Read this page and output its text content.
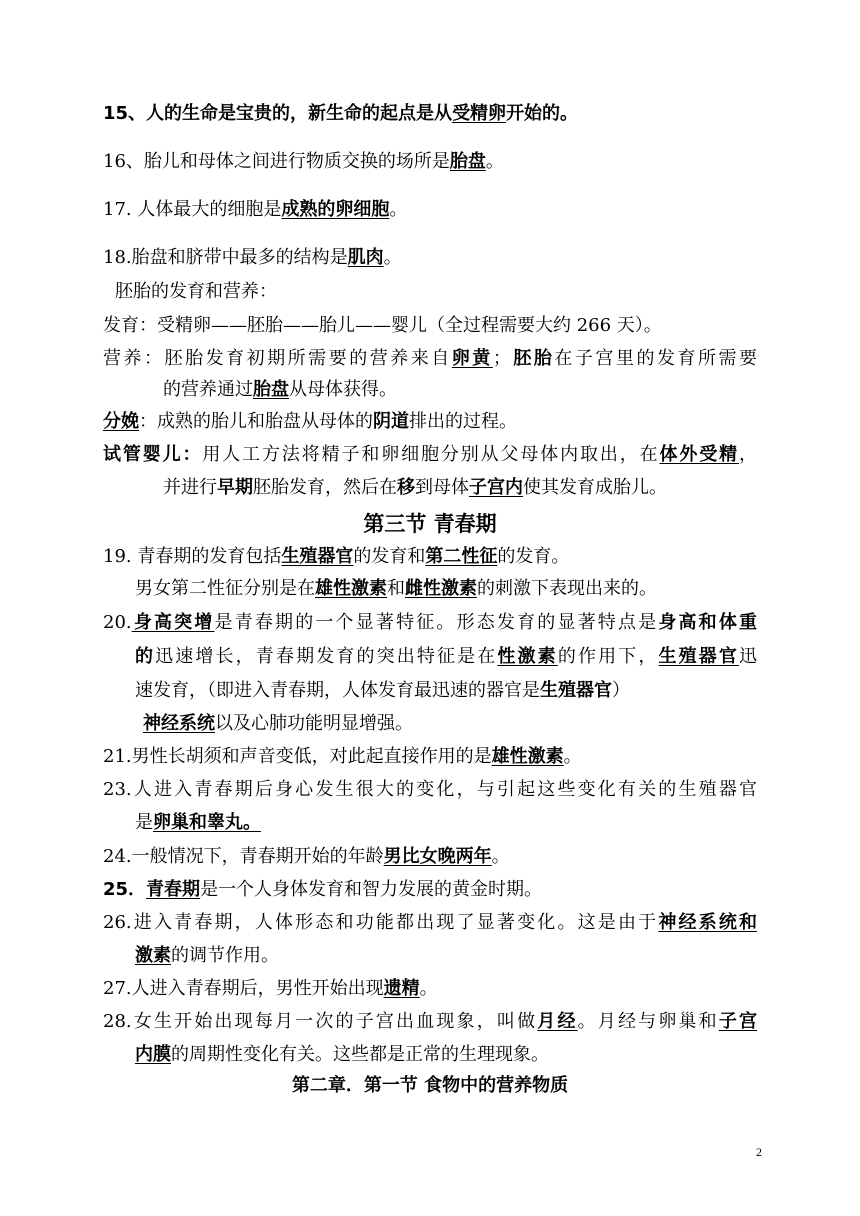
15、人的生命是宝贵的，新生命的起点是从受精卵开始的。
16、胎儿和母体之间进行物质交换的场所是胎盘。
17. 人体最大的细胞是成熟的卵细胞。
18.胎盘和脐带中最多的结构是肌肉。
胚胎的发育和营养：
发育：受精卵——胚胎——胎儿——婴儿（全过程需要大约 266 天）。
营养：胚胎发育初期所需要的营养来自卵黄；胚胎在子宫里的发育所需要
的营养通过胎盘从母体获得。
分娩：成熟的胎儿和胎盘从母体的阴道排出的过程。
试管婴儿：用人工方法将精子和卵细胞分别从父母体内取出，在体外受精，
并进行早期胚胎发育，然后在移到母体子宫内使其发育成胎儿。
第三节 青春期
19. 青春期的发育包括生殖器官的发育和第二性征的发育。
男女第二性征分别是在雄性激素和雌性激素的刺激下表现出来的。
20.身高突增是青春期的一个显著特征。形态发育的显著特点是身高和体重
的迅速增长，青春期发育的突出特征是在性激素的作用下，生殖器官迅
速发育，（即进入青春期，人体发育最迅速的器官是生殖器官）
神经系统以及心肺功能明显增强。
21.男性长胡须和声音变低，对此起直接作用的是雄性激素。
23.人进入青春期后身心发生很大的变化，与引起这些变化有关的生殖器官
是卵巢和睾丸。
24.一般情况下，青春期开始的年龄男比女晚两年。
25．青春期是一个人身体发育和智力发展的黄金时期。
26.进入青春期，人体形态和功能都出现了显著变化。这是由于神经系统和
激素的调节作用。
27.人进入青春期后，男性开始出现遗精。
28.女生开始出现每月一次的子宫出血现象，叫做月经。月经与卵巢和子宫
内膜的周期性变化有关。这些都是正常的生理现象。
第二章．第一节 食物中的营养物质
2
